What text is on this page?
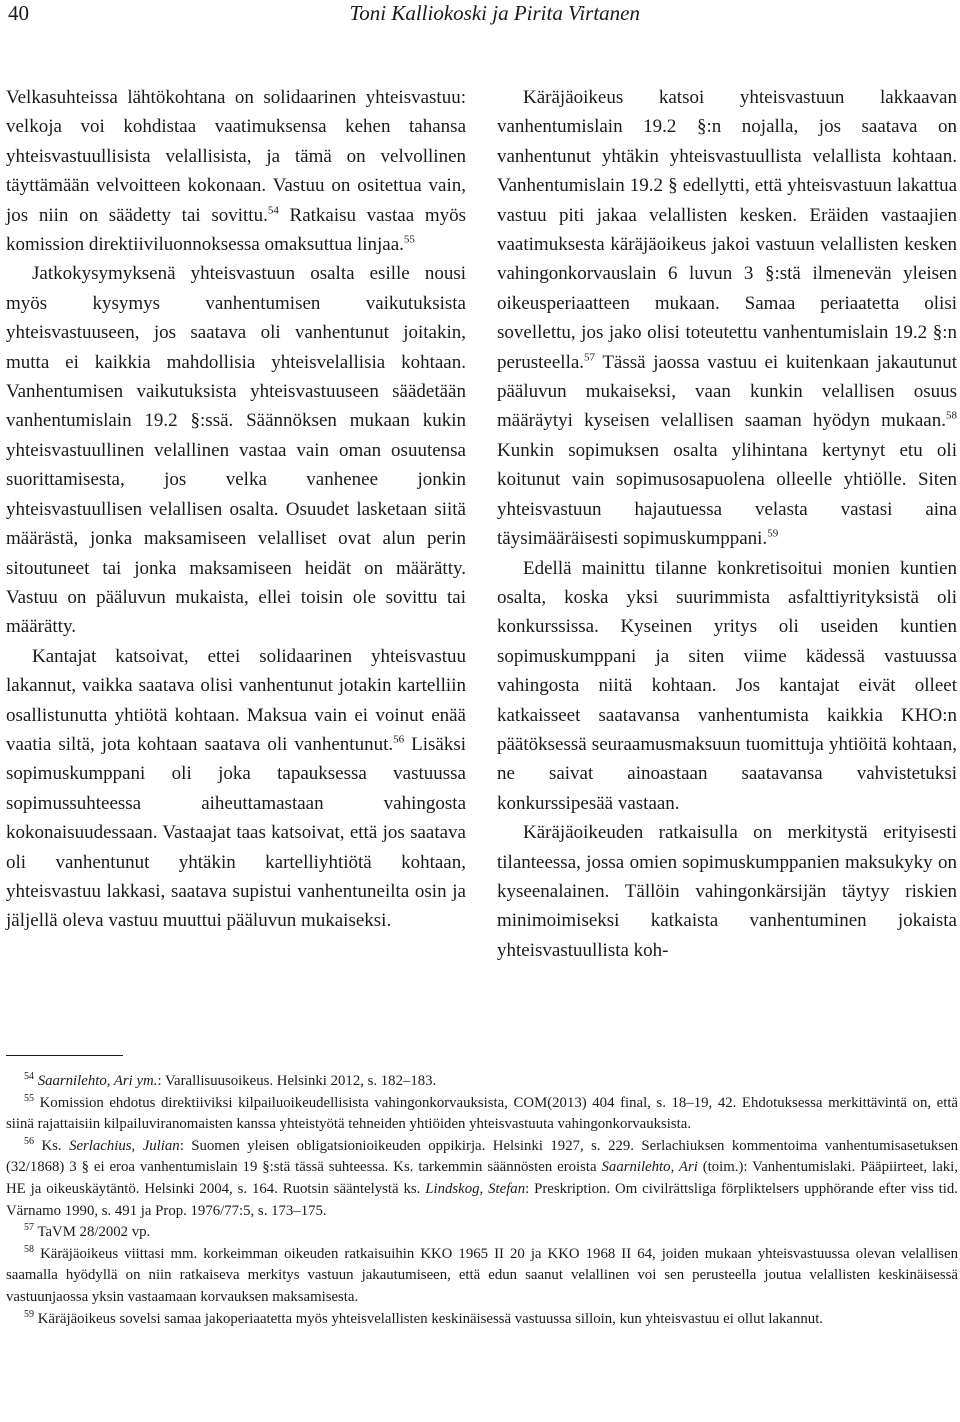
40	Toni Kalliokoski ja Pirita Virtanen

Velkasuhteissa lähtökohtana on solidaarinen yhteisvastuu: velkoja voi kohdistaa vaatimuksensa kehen tahansa yhteisvastuullisista velallisista, ja tämä on velvollinen täyttämään velvoitteen kokonaan. Vastuu on ositettua vain, jos niin on säädetty tai sovittu.$^{54}$ Ratkaisu vastaa myös komission direktiiviluonnoksessa omaksuttua linjaa.$^{55}$

Jatkokysymyksenä yhteisvastuun osalta esille nousi myös kysymys vanhentumisen vaikutuksista yhteisvastuuseen, jos saatava oli vanhentunut joitakin, mutta ei kaikkia mahdollisia yhteisvelallisia kohtaan. Vanhentumisen vaikutuksista yhteisvastuuseen säädetään vanhentumislain 19.2 §:ssä. Säännöksen mukaan kukin yhteisvastuullinen velallinen vastaa vain oman osuutensa suorittamisesta, jos velka vanhenee jonkin yhteisvastuullisen velallisen osalta. Osuudet lasketaan siitä määrästä, jonka maksamiseen velalliset ovat alun perin sitoutuneet tai jonka maksamiseen heidät on määrätty. Vastuu on pääluvun mukaista, ellei toisin ole sovittu tai määrätty.

Kantajat katsoivat, ettei solidaarinen yhteisvastuu lakannut, vaikka saatava olisi vanhentunut jotakin kartelliin osallistunutta yhtiötä kohtaan. Maksua vain ei voinut enää vaatia siltä, jota kohtaan saatava oli vanhentunut.$^{56}$ Lisäksi sopimuskumppani oli joka tapauksessa vastuussa sopimussuhteessa aiheuttamastaan vahingosta kokonaisuudessaan. Vastaajat taas katsoivat, että jos saatava oli vanhentunut yhtäkin kartelliyhtiötä kohtaan, yhteisvastuu lakkasi, saatava supistui vanhentuneilta osin ja jäljellä oleva vastuu muuttui pääluvun mukaiseksi.

Käräjäoikeus katsoi yhteisvastuun lakkaavan vanhentumislain 19.2 §:n nojalla, jos saatava on vanhentunut yhtäkin yhteisvastuullista velallista kohtaan. Vanhentumislain 19.2 § edellytti, että yhteisvastuun lakattua vastuu piti jakaa velallisten kesken. Eräiden vastaajien vaatimuksesta käräjäoikeus jakoi vastuun velallisten kesken vahingonkorvauslain 6 luvun 3 §:stä ilmenevän yleisen oikeusperiaatteen mukaan. Samaa periaatetta olisi sovellettu, jos jako olisi toteutettu vanhentumislain 19.2 §:n perusteella.$^{57}$ Tässä jaossa vastuu ei kuitenkaan jakautunut pääluvun mukaiseksi, vaan kunkin velallisen osuus määräytyi kyseisen velallisen saaman hyödyn mukaan.$^{58}$ Kunkin sopimuksen osalta ylihintana kertynyt etu oli koitunut vain sopimusosapuolena olleelle yhtiölle. Siten yhteisvastuun hajautuessa velasta vastasi aina täysimääräisesti sopimuskumppani.$^{59}$

Edellä mainittu tilanne konkretisoitui monien kuntien osalta, koska yksi suurimmista asfalttiyrityksistä oli konkurssissa. Kyseinen yritys oli useiden kuntien sopimuskumppani ja siten viime kädessä vastuussa vahingosta niitä kohtaan. Jos kantajat eivät olleet katkaisseet saatavansa vanhentumista kaikkia KHO:n päätöksessä seuraamusmaksuun tuomittuja yhtiöitä kohtaan, ne saivat ainoastaan saatavansa vahvistetuksi konkurssipesää vastaan.

Käräjäoikeuden ratkaisulla on merkitystä erityisesti tilanteessa, jossa omien sopimuskumppanien maksukyky on kyseenalainen. Tällöin vahingonkärsijän täytyy riskien minimoimiseksi katkaista vanhentuminen jokaista yhteisvastuullista koh-

$^{54}$ Saarnilehto, Ari ym.: Varallisuusoikeus. Helsinki 2012, s. 182–183.

$^{55}$ Komission ehdotus direktiiviksi kilpailuoikeudellisista vahingonkorvauksista, COM(2013) 404 final, s. 18–19, 42. Ehdotuksessa merkittävintä on, että siinä rajattaisiin kilpailuviranomaisten kanssa yhteistyötä tehneiden yhtiöiden yhteisvastuuta vahingonkorvauksista.

$^{56}$ Ks. Serlachius, Julian: Suomen yleisen obligatsionioikeuden oppikirja. Helsinki 1927, s. 229. Serlachiuksen kommentoima vanhentumisasetuksen (32/1868) 3 § ei eroa vanhentumislain 19 §:stä tässä suhteessa. Ks. tarkemmin säännösten eroista Saarnilehto, Ari (toim.): Vanhentumislaki. Pääpiirteet, laki, HE ja oikeuskäytäntö. Helsinki 2004, s. 164. Ruotsin sääntelystä ks. Lindskog, Stefan: Preskription. Om civilrättsliga förpliktelsers upphörande efter viss tid. Värnamo 1990, s. 491 ja Prop. 1976/77:5, s. 173–175.

$^{57}$ TaVM 28/2002 vp.

$^{58}$ Käräjäoikeus viittasi mm. korkeimman oikeuden ratkaisuihin KKO 1965 II 20 ja KKO 1968 II 64, joiden mukaan yhteisvastuussa olevan velallisen saamalla hyödyllä on niin ratkaiseva merkitys vastuun jakautumiseen, että edun saanut velallinen voi sen perusteella joutua velallisten keskinäisessä vastuunjaossa yksin vastaamaan korvauksen maksamisesta.

$^{59}$ Käräjäoikeus sovelsi samaa jakoperiaatetta myös yhteisvelallisten keskinäisessä vastuussa silloin, kun yhteisvastuu ei ollut lakannut.
